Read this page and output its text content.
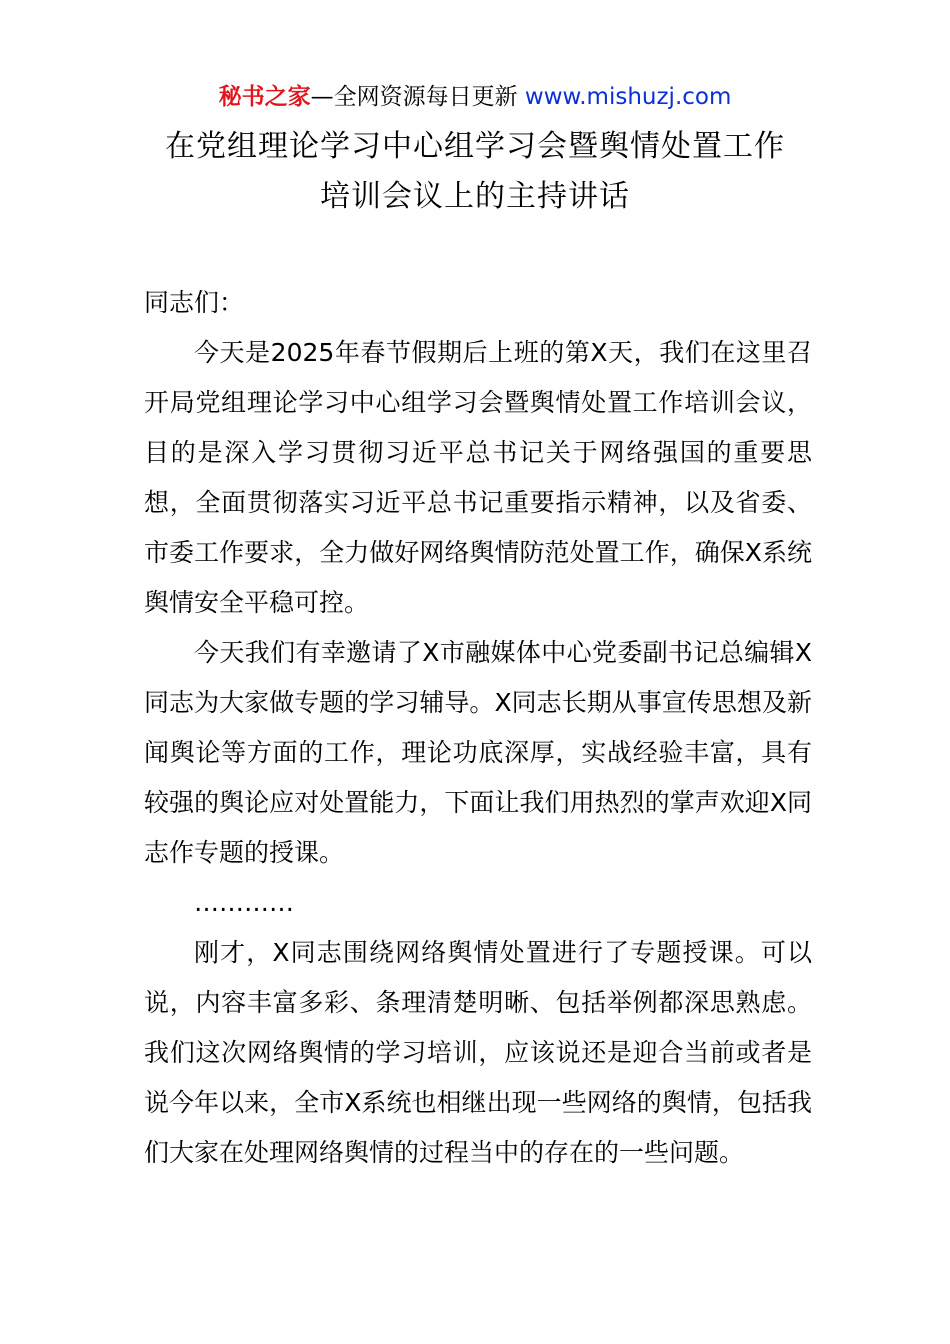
秘书之家—全网资源每日更新 www.mishuzj.com
在党组理论学习中心组学习会暨舆情处置工作
培训会议上的主持讲话

同志们：

今天是2025年春节假期后上班的第X天，我们在这里召开局党组理论学习中心组学习会暨舆情处置工作培训会议，目的是深入学习贯彻习近平总书记关于网络强国的重要思想，全面贯彻落实习近平总书记重要指示精神，以及省委、市委工作要求，全力做好网络舆情防范处置工作，确保X系统舆情安全平稳可控。

今天我们有幸邀请了X市融媒体中心党委副书记总编辑X同志为大家做专题的学习辅导。X同志长期从事宣传思想及新闻舆论等方面的工作，理论功底深厚，实战经验丰富，具有较强的舆论应对处置能力，下面让我们用热烈的掌声欢迎X同志作专题的授课。

…………

刚才，X同志围绕网络舆情处置进行了专题授课。可以说，内容丰富多彩、条理清楚明晰、包括举例都深思熟虑。我们这次网络舆情的学习培训，应该说还是迎合当前或者是说今年以来，全市X系统也相继出现一些网络的舆情，包括我们大家在处理网络舆情的过程当中的存在的一些问题。
